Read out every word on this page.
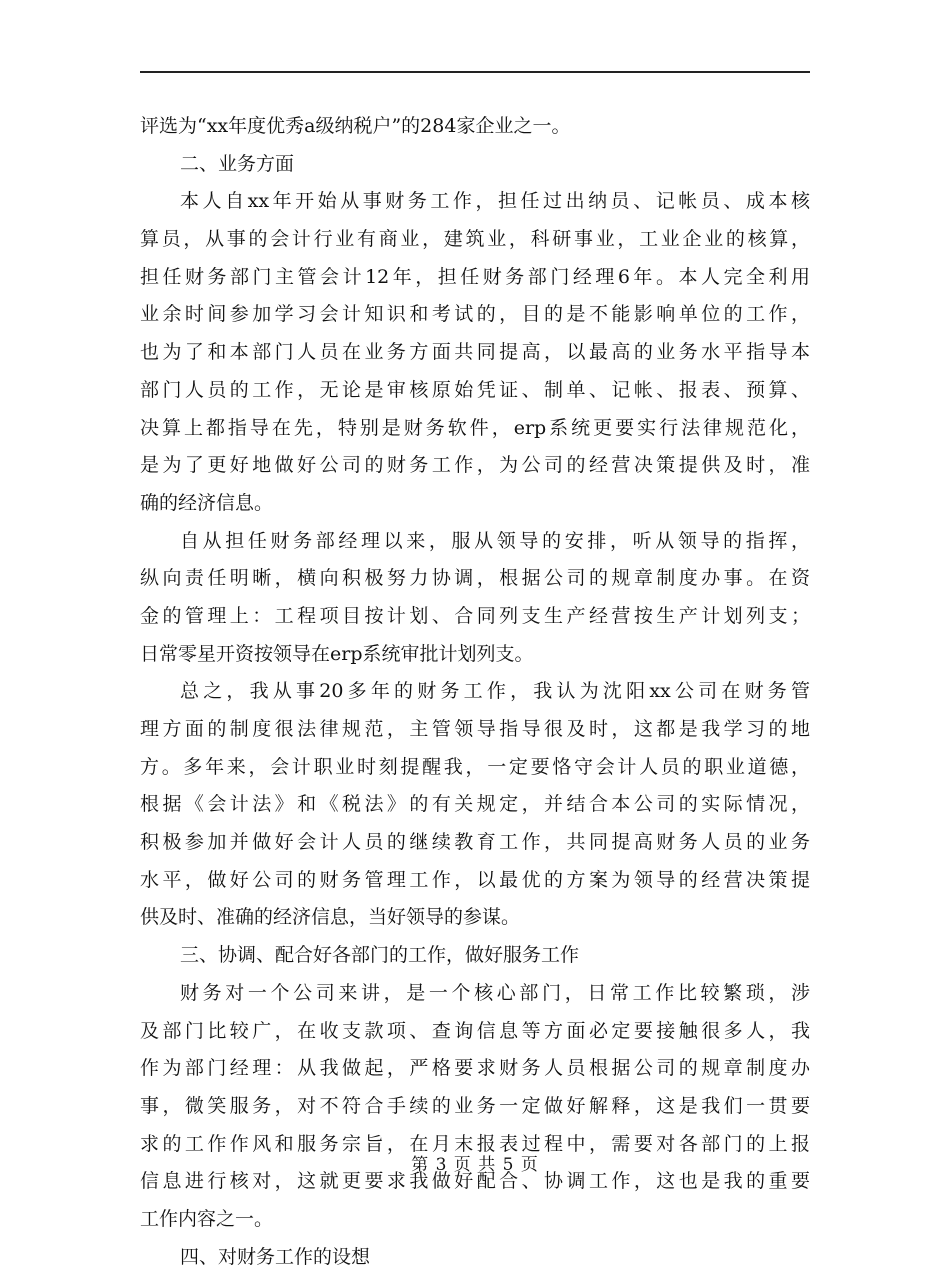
评选为“xx年度优秀a级纳税户”的284家企业之一。
二、业务方面
本人自xx年开始从事财务工作，担任过出纳员、记帐员、成本核
算员，从事的会计行业有商业，建筑业，科研事业，工业企业的核算，
担任财务部门主管会计12年，担任财务部门经理6年。本人完全利用
业余时间参加学习会计知识和考试的，目的是不能影响单位的工作，
也为了和本部门人员在业务方面共同提高，以最高的业务水平指导本
部门人员的工作，无论是审核原始凭证、制单、记帐、报表、预算、
决算上都指导在先，特别是财务软件，erp系统更要实行法律规范化，
是为了更好地做好公司的财务工作，为公司的经营决策提供及时，准
确的经济信息。
自从担任财务部经理以来，服从领导的安排，听从领导的指挥，
纵向责任明晰，横向积极努力协调，根据公司的规章制度办事。在资
金的管理上：工程项目按计划、合同列支生产经营按生产计划列支；
日常零星开资按领导在erp系统审批计划列支。
总之，我从事20多年的财务工作，我认为沈阳xx公司在财务管
理方面的制度很法律规范，主管领导指导很及时，这都是我学习的地
方。多年来，会计职业时刻提醒我，一定要恪守会计人员的职业道德，
根据《会计法》和《税法》的有关规定，并结合本公司的实际情况，
积极参加并做好会计人员的继续教育工作，共同提高财务人员的业务
水平，做好公司的财务管理工作，以最优的方案为领导的经营决策提
供及时、准确的经济信息，当好领导的参谋。
三、协调、配合好各部门的工作，做好服务工作
财务对一个公司来讲，是一个核心部门，日常工作比较繁琐，涉
及部门比较广，在收支款项、查询信息等方面必定要接触很多人，我
作为部门经理：从我做起，严格要求财务人员根据公司的规章制度办
事，微笑服务，对不符合手续的业务一定做好解释，这是我们一贯要
求的工作作风和服务宗旨，在月末报表过程中，需要对各部门的上报
信息进行核对，这就更要求我做好配合、协调工作，这也是我的重要
工作内容之一。
四、对财务工作的设想
第 3 页 共 5 页
